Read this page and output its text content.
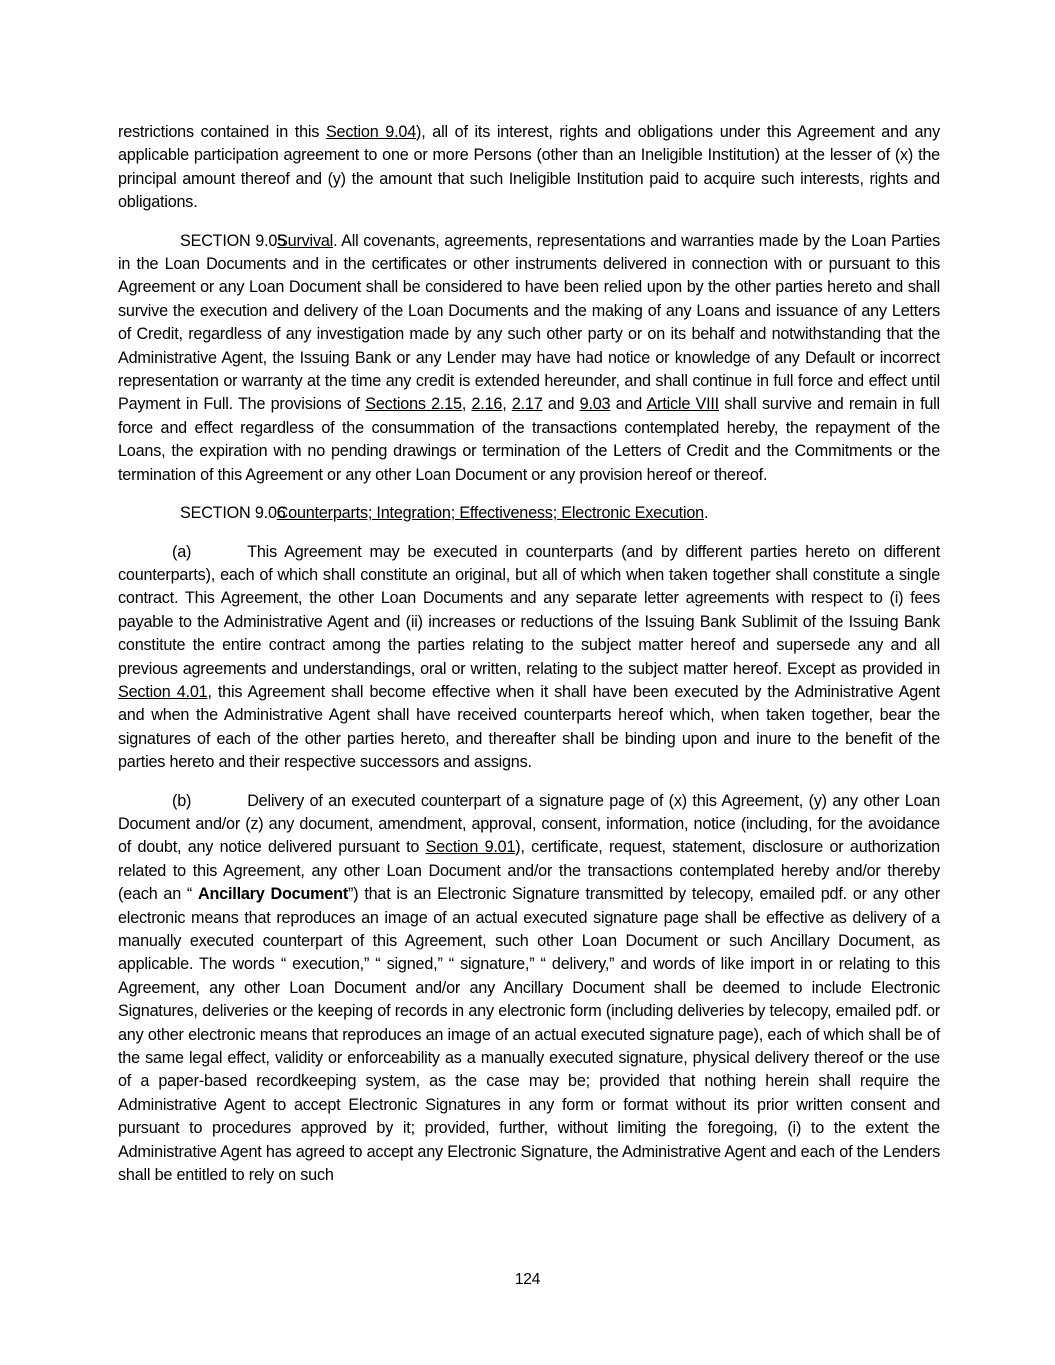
restrictions contained in this Section 9.04), all of its interest, rights and obligations under this Agreement and any applicable participation agreement to one or more Persons (other than an Ineligible Institution) at the lesser of (x) the principal amount thereof and (y) the amount that such Ineligible Institution paid to acquire such interests, rights and obligations.

SECTION 9.05Survival. All covenants, agreements, representations and warranties made by the Loan Parties in the Loan Documents and in the certificates or other instruments delivered in connection with or pursuant to this Agreement or any Loan Document shall be considered to have been relied upon by the other parties hereto and shall survive the execution and delivery of the Loan Documents and the making of any Loans and issuance of any Letters of Credit, regardless of any investigation made by any such other party or on its behalf and notwithstanding that the Administrative Agent, the Issuing Bank or any Lender may have had notice or knowledge of any Default or incorrect representation or warranty at the time any credit is extended hereunder, and shall continue in full force and effect until Payment in Full. The provisions of Sections 2.15, 2.16, 2.17 and 9.03 and Article VIII shall survive and remain in full force and effect regardless of the consummation of the transactions contemplated hereby, the repayment of the Loans, the expiration with no pending drawings or termination of the Letters of Credit and the Commitments or the termination of this Agreement or any other Loan Document or any provision hereof or thereof.

SECTION 9.06Counterparts; Integration; Effectiveness; Electronic Execution.

(a)	This Agreement may be executed in counterparts (and by different parties hereto on different counterparts), each of which shall constitute an original, but all of which when taken together shall constitute a single contract. This Agreement, the other Loan Documents and any separate letter agreements with respect to (i) fees payable to the Administrative Agent and (ii) increases or reductions of the Issuing Bank Sublimit of the Issuing Bank constitute the entire contract among the parties relating to the subject matter hereof and supersede any and all previous agreements and understandings, oral or written, relating to the subject matter hereof. Except as provided in Section 4.01, this Agreement shall become effective when it shall have been executed by the Administrative Agent and when the Administrative Agent shall have received counterparts hereof which, when taken together, bear the signatures of each of the other parties hereto, and thereafter shall be binding upon and inure to the benefit of the parties hereto and their respective successors and assigns.

(b)	Delivery of an executed counterpart of a signature page of (x) this Agreement, (y) any other Loan Document and/or (z) any document, amendment, approval, consent, information, notice (including, for the avoidance of doubt, any notice delivered pursuant to Section 9.01), certificate, request, statement, disclosure or authorization related to this Agreement, any other Loan Document and/or the transactions contemplated hereby and/or thereby (each an “ Ancillary Document”) that is an Electronic Signature transmitted by telecopy, emailed pdf. or any other electronic means that reproduces an image of an actual executed signature page shall be effective as delivery of a manually executed counterpart of this Agreement, such other Loan Document or such Ancillary Document, as applicable. The words “ execution,” “ signed,” “ signature,” “ delivery,” and words of like import in or relating to this Agreement, any other Loan Document and/or any Ancillary Document shall be deemed to include Electronic Signatures, deliveries or the keeping of records in any electronic form (including deliveries by telecopy, emailed pdf. or any other electronic means that reproduces an image of an actual executed signature page), each of which shall be of the same legal effect, validity or enforceability as a manually executed signature, physical delivery thereof or the use of a paper-based recordkeeping system, as the case may be; provided that nothing herein shall require the Administrative Agent to accept Electronic Signatures in any form or format without its prior written consent and pursuant to procedures approved by it; provided, further, without limiting the foregoing, (i) to the extent the Administrative Agent has agreed to accept any Electronic Signature, the Administrative Agent and each of the Lenders shall be entitled to rely on such

124
